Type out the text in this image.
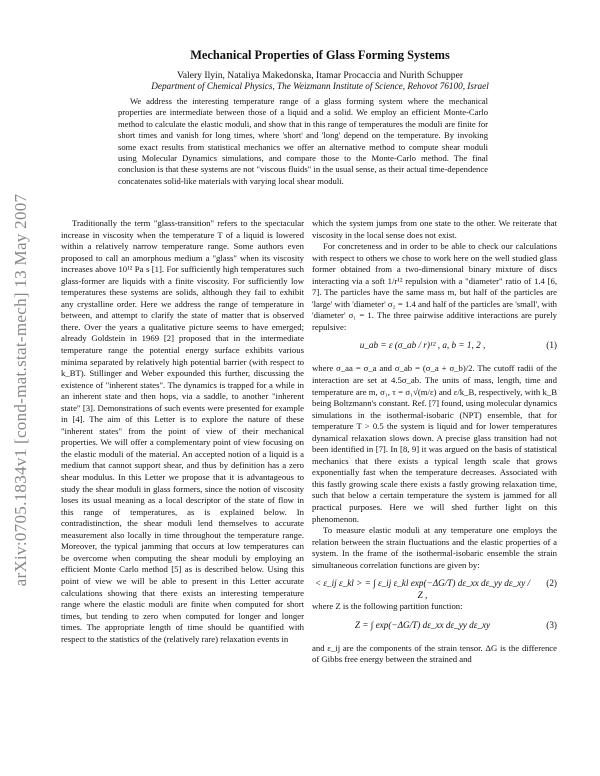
arXiv:0705.1834v1 [cond-mat.stat-mech] 13 May 2007
Mechanical Properties of Glass Forming Systems
Valery Ilyin, Nataliya Makedonska, Itamar Procaccia and Nurith Schupper
Department of Chemical Physics, The Weizmann Institute of Science, Rehovot 76100, Israel
We address the interesting temperature range of a glass forming system where the mechanical properties are intermediate between those of a liquid and a solid. We employ an efficient Monte-Carlo method to calculate the elastic moduli, and show that in this range of temperatures the moduli are finite for short times and vanish for long times, where 'short' and 'long' depend on the temperature. By invoking some exact results from statistical mechanics we offer an alternative method to compute shear moduli using Molecular Dynamics simulations, and compare those to the Monte-Carlo method. The final conclusion is that these systems are not "viscous fluids" in the usual sense, as their actual time-dependence concatenates solid-like materials with varying local shear moduli.

Traditionally the term "glass-transition" refers to the spectacular increase in viscosity when the temperature T of a liquid is lowered within a relatively narrow temperature range. Some authors even proposed to call an amorphous medium a "glass" when its viscosity increases above 10¹² Pa s [1]. For sufficiently high temperatures such glass-former are liquids with a finite viscosity. For sufficiently low temperatures these systems are solids, although they fail to exhibit any crystalline order. Here we address the range of temperature in between, and attempt to clarify the state of matter that is observed there. Over the years a qualitative picture seems to have emerged; already Goldstein in 1969 [2] proposed that in the intermediate temperature range the potential energy surface exhibits various minima separated by relatively high potential barrier (with respect to k_BT). Stillinger and Weber expounded this further, discussing the existence of "inherent states". The dynamics is trapped for a while in an inherent state and then hops, via a saddle, to another "inherent state" [3]. Demonstrations of such events were presented for example in [4]. The aim of this Letter is to explore the nature of these "inherent states" from the point of view of their mechanical properties. We will offer a complementary point of view focusing on the elastic moduli of the material. An accepted notion of a liquid is a medium that cannot support shear, and thus by definition has a zero shear modulus. In this Letter we propose that it is advantageous to study the shear moduli in glass formers, since the notion of viscosity loses its usual meaning as a local descriptor of the state of flow in this range of temperatures, as is explained below. In contradistinction, the shear moduli lend themselves to accurate measurement also locally in time throughout the temperature range. Moreover, the typical jamming that occurs at low temperatures can be overcome when computing the shear moduli by employing an efficient Monte Carlo method [5] as is described below. Using this point of view we will be able to present in this Letter accurate calculations showing that there exists an interesting temperature range where the elastic moduli are finite when computed for short times, but tending to zero when computed for longer and longer times. The appropriate length of time should be quantified with respect to the statistics of the (relatively rare) relaxation events in

which the system jumps from one state to the other. We reiterate that viscosity in the local sense does not exist.

For concreteness and in order to be able to check our calculations with respect to others we chose to work here on the well studied glass former obtained from a two-dimensional binary mixture of discs interacting via a soft 1/r¹² repulsion with a "diameter" ratio of 1.4 [6, 7]. The particles have the same mass m, but half of the particles are 'large' with 'diameter' σ₂ = 1.4 and half of the particles are 'small', with 'diameter' σ₁ = 1. The three pairwise additive interactions are purely repulsive:

u_ab = ε (σ_ab / r)¹² , a, b = 1, 2 ,	(1)

where σ_aa = σ_a and σ_ab = (σ_a + σ_b)/2. The cutoff radii of the interaction are set at 4.5σ_ab. The units of mass, length, time and temperature are m, σ₁, τ = σ₁√(m/ε) and ε/k_B, respectively, with k_B being Boltzmann's constant. Ref. [7] found, using molecular dynamics simulations in the isothermal-isobaric (NPT) ensemble, that for temperature T > 0.5 the system is liquid and for lower temperatures dynamical relaxation slows down. A precise glass transition had not been identified in [7]. In [8, 9] it was argued on the basis of statistical mechanics that there exists a typical length scale that grows exponentially fast when the temperature decreases. Associated with this fastly growing scale there exists a fastly growing relaxation time, such that below a certain temperature the system is jammed for all practical purposes. Here we will shed further light on this phenomenon.

To measure elastic moduli at any temperature one employs the relation between the strain fluctuations and the elastic properties of a system. In the frame of the isothermal-isobaric ensemble the strain simultaneous correlation functions are given by:

< ε_ij ε_kl > = ∫ ε_ij ε_kl exp(−ΔG/T) dε_xx dε_yy dε_xy / Z ,
(2)

where Z is the following partition function:

Z = ∫ exp(−ΔG/T) dε_xx dε_yy dε_xy	(3)

and ε_ij are the components of the strain tensor. ΔG is the difference of Gibbs free energy between the strained and
